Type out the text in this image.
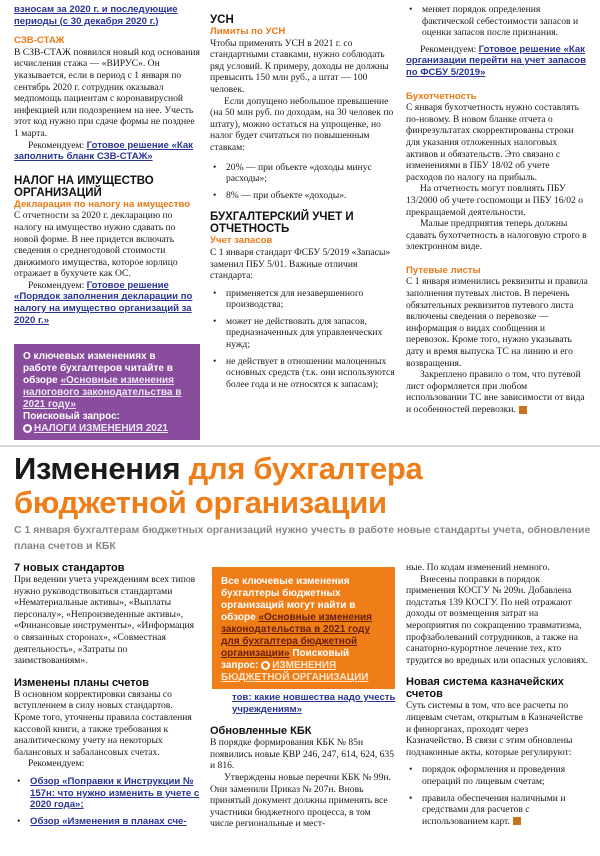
взносам за 2020 г. и последующие периоды (с 30 декабря 2020 г.)

СЗВ-СТАЖ

В СЗВ-СТАЖ появился новый код основания исчисления стажа — «ВИРУС». Он указывается, если в период с 1 января по сентябрь 2020 г. сотрудник оказывал медпомощь пациентам с коронавирусной инфекцией или подозрением на нее. Учесть этот код нужно при сдаче формы не позднее 1 марта.

Рекомендуем: Готовое решение «Как заполнить бланк СЗВ-СТАЖ»

НАЛОГ НА ИМУЩЕСТВО ОРГАНИЗАЦИЙ
Декларация по налогу на имущество

С отчетности за 2020 г. декларацию по налогу на имущество нужно сдавать по новой форме. В нее придется включать сведения о среднегодовой стоимости движимого имущества, которое юрлицо отражает в бухучете как ОС.

Рекомендуем: Готовое решение «Порядок заполнения декларации по налогу на имущество организаций за 2020 г.»

О ключевых изменениях в работе бухгалтеров читайте в обзоре «Основные изменения налогового законодательства в 2021 году»
Поисковый запрос:
НАЛОГИ ИЗМЕНЕНИЯ 2021
УСН
Лимиты по УСН

Чтобы применять УСН в 2021 г. со стандартными ставками, нужно соблюдать ряд условий. К примеру, доходы не должны превысить 150 млн руб., а штат — 100 человек.

Если допущено небольшое превышение (на 50 млн руб. по доходам, на 30 человек по штату), можно остаться на упрощенке, но налог будет считаться по повышенным ставкам:

• 20% — при объекте «доходы минус расходы»;
• 8% — при объекте «доходы».
БУХГАЛТЕРСКИЙ УЧЕТ И ОТЧЕТНОСТЬ
Учет запасов

С 1 января стандарт ФСБУ 5/2019 «Запасы» заменил ПБУ 5/01. Важные отличия стандарта:

• применяется для незавершенного производства;
• может не действовать для запасов, предназначенных для управленческих нужд;
• не действует в отношении малоценных основных средств (т.к. они используются более года и не относятся к запасам);
• меняет порядок определения фактической себестоимости запасов и оценки запасов после признания.

Рекомендуем: Готовое решение «Как организации перейти на учет запасов по ФСБУ 5/2019»

Бухотчетность

С января бухотчетность нужно составлять по-новому. В новом бланке отчета о финрезультатах скорректированы строки для указания отложенных налоговых активов и обязательств. Это связано с изменениями в ПБУ 18/02 об учете расходов по налогу на прибыль.

На отчетность могут повлиять ПБУ 13/2000 об учете госпомощи и ПБУ 16/02 о прекращаемой деятельности.

Малые предприятия теперь должны сдавать бухотчетность в налоговую строго в электронном виде.

Путевые листы

С 1 января изменились реквизиты и правила заполнения путевых листов. В перечень обязательных реквизитов путевого листа включены сведения о перевозке — информация о видах сообщения и перевозок. Кроме того, нужно указывать дату и время выпуска ТС на линию и его возвращения.

Закреплено правило о том, что путевой лист оформляется при любом использовании ТС вне зависимости от вида и особенностей перевозки.

Изменения для бухгалтера
бюджетной организации
С 1 января бухгалтерам бюджетных организаций нужно учесть в работе новые стандарты учета, обновление плана счетов и КБК
7 новых стандартов

При ведении учета учреждениям всех типов нужно руководствоваться стандартами «Нематериальные активы», «Выплаты персоналу», «Непроизведенные активы», «Финансовые инструменты», «Информация о связанных сторонах», «Совместная деятельность», «Затраты по заимствованиям».

Изменены планы счетов

В основном корректировки связаны со вступлением в силу новых стандартов. Кроме того, уточнены правила составления кассовой книги, а также требования к аналитическому учету на некоторых балансовых и забалансовых счетах.

Рекомендуем:

• Обзор «Поправки к Инструкции № 157н: что нужно изменить в учете с 2020 года»;
• Обзор «Изменения в планах сче-
Все ключевые изменения бухгалтеры бюджетных организаций могут найти в обзоре «Основные изменения законодательства в 2021 году для бухгалтера бюджетной организации» Поисковый запрос: ИЗМЕНЕНИЯ БЮДЖЕТНОЙ ОРГАНИЗАЦИИ

тов: какие новшества надо учесть учреждениям»

Обновленные КБК

В порядке формирования КБК № 85н появились новые КВР 246, 247, 614, 624, 635 и 816.

Утверждены новые перечни КБК № 99н. Они заменили Приказ № 207н. Вновь принятый документ должны применять все участники бюджетного процесса, в том числе региональные и мест-

ные. По кодам изменений немного.

Внесены поправки в порядок применения КОСГУ № 209н. Добавлена подстатья 139 КОСГУ. По ней отражают доходы от возмещения затрат на мероприятия по сокращению травматизма, профзаболеваний сотрудников, а также на санаторно-курортное лечение тех, кто трудится во вредных или опасных условиях.

Новая система казначейских счетов

Суть системы в том, что все расчеты по лицевым счетам, открытым в Казначействе и финорганах, проходят через Казначейство. В связи с этим обновлены подзаконные акты, которые регулируют:

• порядок оформления и проведения операций по лицевым счетам;
• правила обеспечения наличными и средствами для расчетов с использованием карт.
